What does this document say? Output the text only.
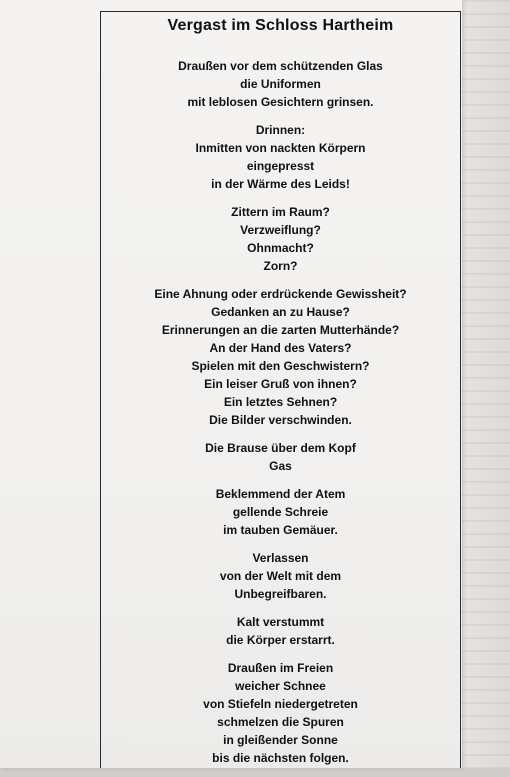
Vergast im Schloss Hartheim
Draußen vor dem schützenden Glas
die Uniformen
mit leblosen Gesichtern grinsen.
Drinnen:
Inmitten von nackten Körpern
eingepresst
in der Wärme des Leids!
Zittern im Raum?
Verzweiflung?
Ohnmacht?
Zorn?
Eine Ahnung oder erdrückende Gewissheit?
Gedanken an zu Hause?
Erinnerungen an die zarten Mutterhände?
An der Hand des Vaters?
Spielen mit den Geschwistern?
Ein leiser Gruß von ihnen?
Ein letztes Sehnen?
Die Bilder verschwinden.
Die Brause über dem Kopf
Gas
Beklemmend der Atem
gellende Schreie
im tauben Gemäuer.
Verlassen
von der Welt mit dem
Unbegreifbaren.
Kalt verstummt
die Körper erstarrt.
Draußen im Freien
weicher Schnee
von Stiefeln niedergetreten
schmelzen die Spuren
in gleißender Sonne
bis die nächsten folgen.
